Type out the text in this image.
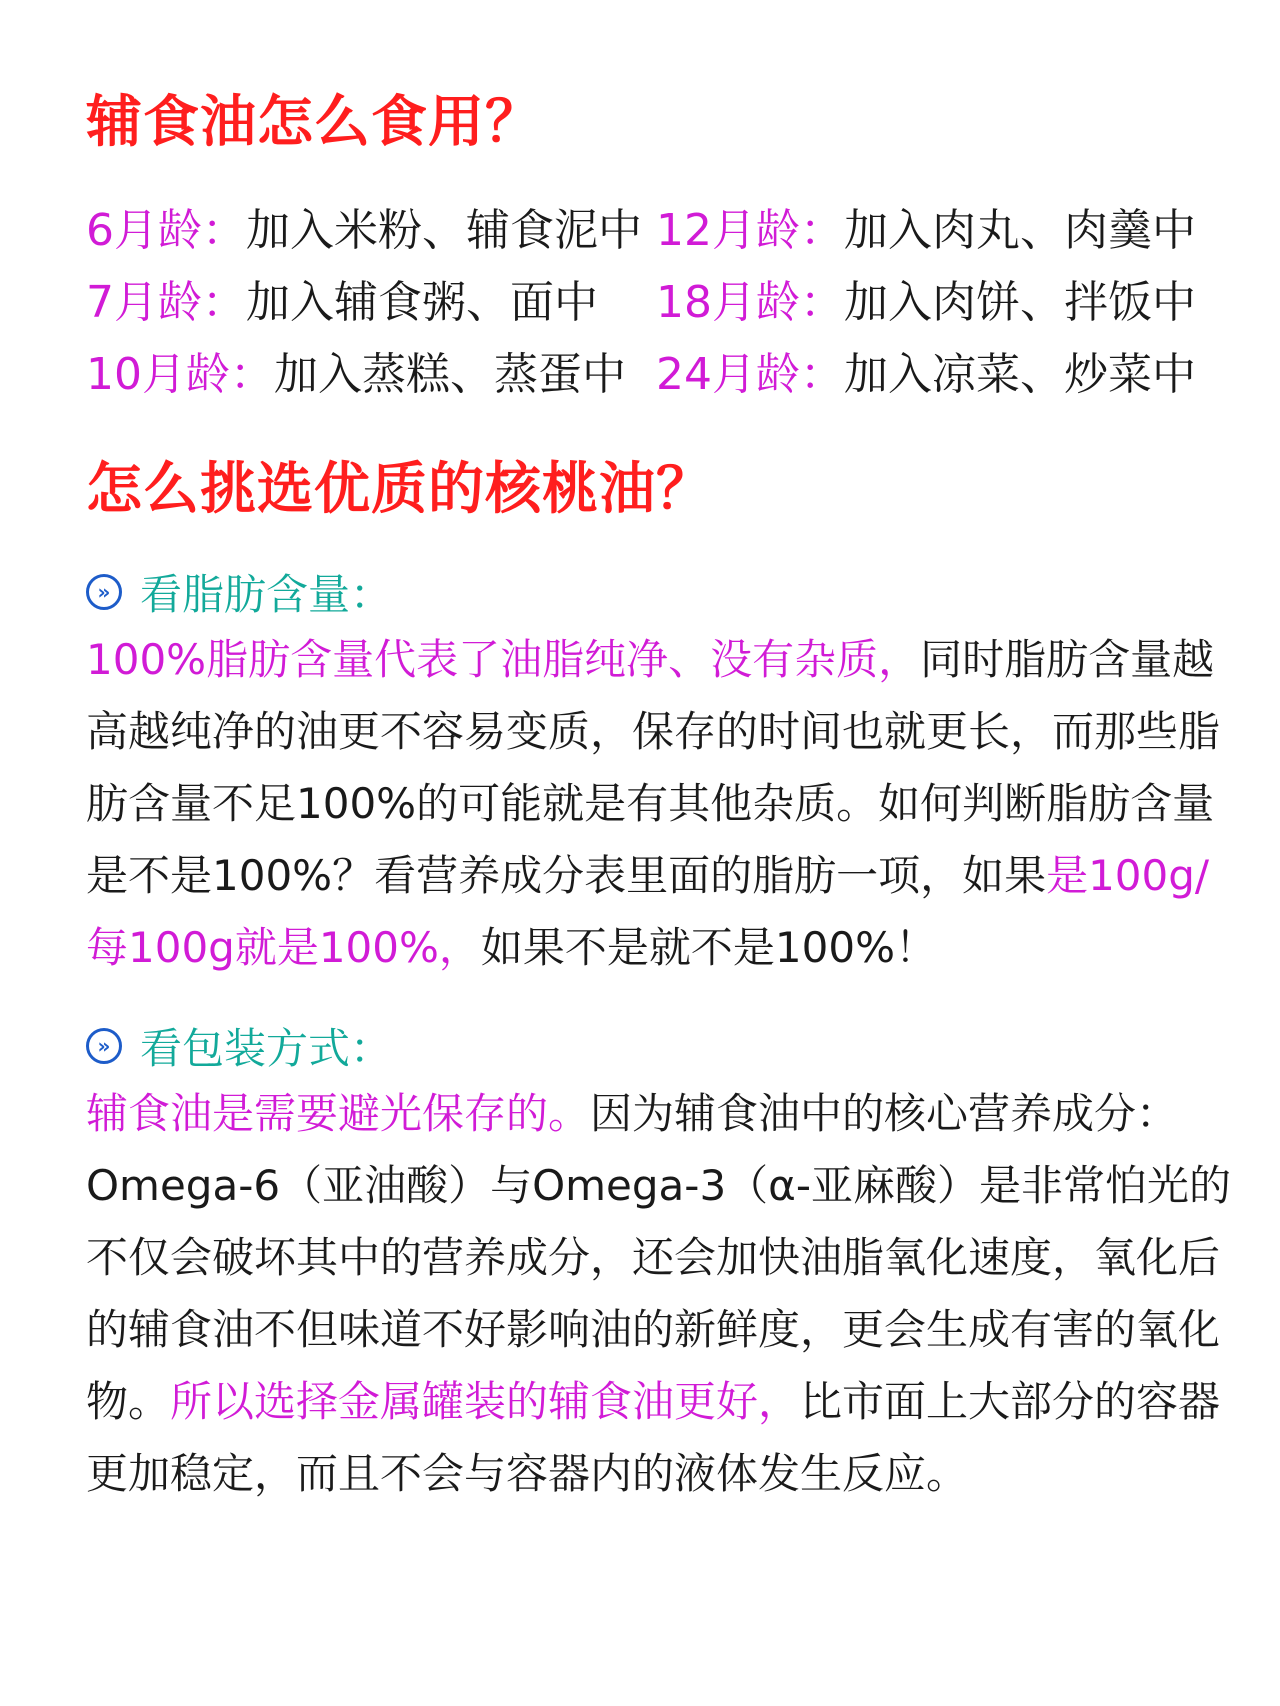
辅食油怎么食用？
6月龄：加入米粉、辅食泥中 12月龄：加入肉丸、肉羹中
7月龄：加入辅食粥、面中	18月龄：加入肉饼、拌饭中
10月龄：加入蒸糕、蒸蛋中 24月龄：加入凉菜、炒菜中
怎么挑选优质的核桃油？
» 看脂肪含量：
100%脂肪含量代表了油脂纯净、没有杂质，同时脂肪含量越高越纯净的油更不容易变质，保存的时间也就更长，而那些脂肪含量不足100%的可能就是有其他杂质。如何判断脂肪含量是不是100%？看营养成分表里面的脂肪一项，如果是100g/每100g就是100%，如果不是就不是100%！
» 看包装方式：
辅食油是需要避光保存的。因为辅食油中的核心营养成分：Omega-6（亚油酸）与Omega-3（α-亚麻酸）是非常怕光的不仅会破坏其中的营养成分，还会加快油脂氧化速度，氧化后的辅食油不但味道不好影响油的新鲜度，更会生成有害的氧化物。所以选择金属罐装的辅食油更好，比市面上大部分的容器更加稳定，而且不会与容器内的液体发生反应。
